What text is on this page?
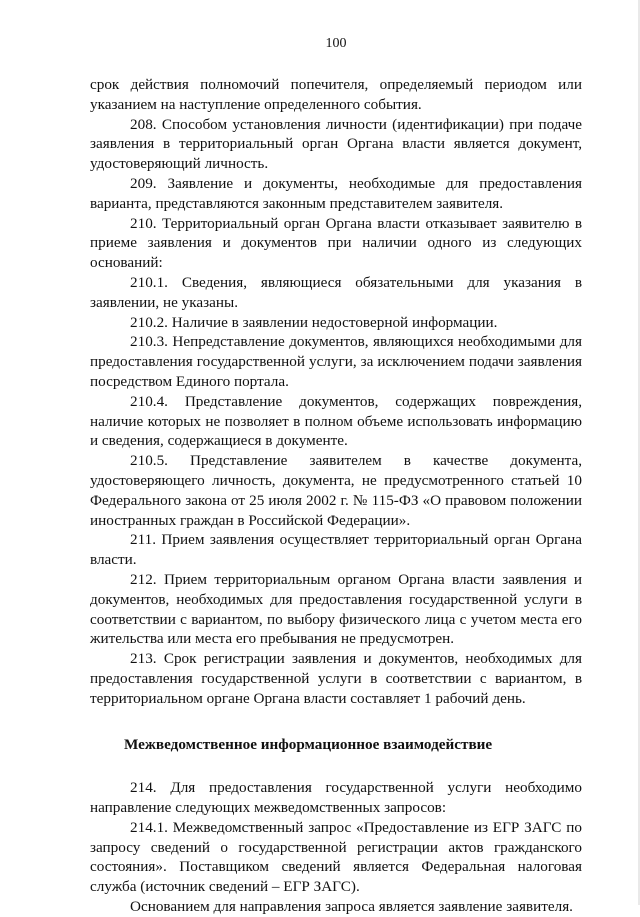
100

срок действия полномочий попечителя, определяемый периодом или указанием на наступление определенного события.

208. Способом установления личности (идентификации) при подаче заявления в территориальный орган Органа власти является документ, удостоверяющий личность.

209. Заявление и документы, необходимые для предоставления варианта, представляются законным представителем заявителя.

210. Территориальный орган Органа власти отказывает заявителю в приеме заявления и документов при наличии одного из следующих оснований:

210.1. Сведения, являющиеся обязательными для указания в заявлении, не указаны.

210.2. Наличие в заявлении недостоверной информации.

210.3. Непредставление документов, являющихся необходимыми для предоставления государственной услуги, за исключением подачи заявления посредством Единого портала.

210.4. Представление документов, содержащих повреждения, наличие которых не позволяет в полном объеме использовать информацию и сведения, содержащиеся в документе.

210.5. Представление заявителем в качестве документа, удостоверяющего личность, документа, не предусмотренного статьей 10 Федерального закона от 25 июля 2002 г. № 115-ФЗ «О правовом положении иностранных граждан в Российской Федерации».

211. Прием заявления осуществляет территориальный орган Органа власти.

212. Прием территориальным органом Органа власти заявления и документов, необходимых для предоставления государственной услуги в соответствии с вариантом, по выбору физического лица с учетом места его жительства или места его пребывания не предусмотрен.

213. Срок регистрации заявления и документов, необходимых для предоставления государственной услуги в соответствии с вариантом, в территориальном органе Органа власти составляет 1 рабочий день.

Межведомственное информационное взаимодействие

214. Для предоставления государственной услуги необходимо направление следующих межведомственных запросов:

214.1. Межведомственный запрос «Предоставление из ЕГР ЗАГС по запросу сведений о государственной регистрации актов гражданского состояния». Поставщиком сведений является Федеральная налоговая служба (источник сведений – ЕГР ЗАГС).

Основанием для направления запроса является заявление заявителя.
